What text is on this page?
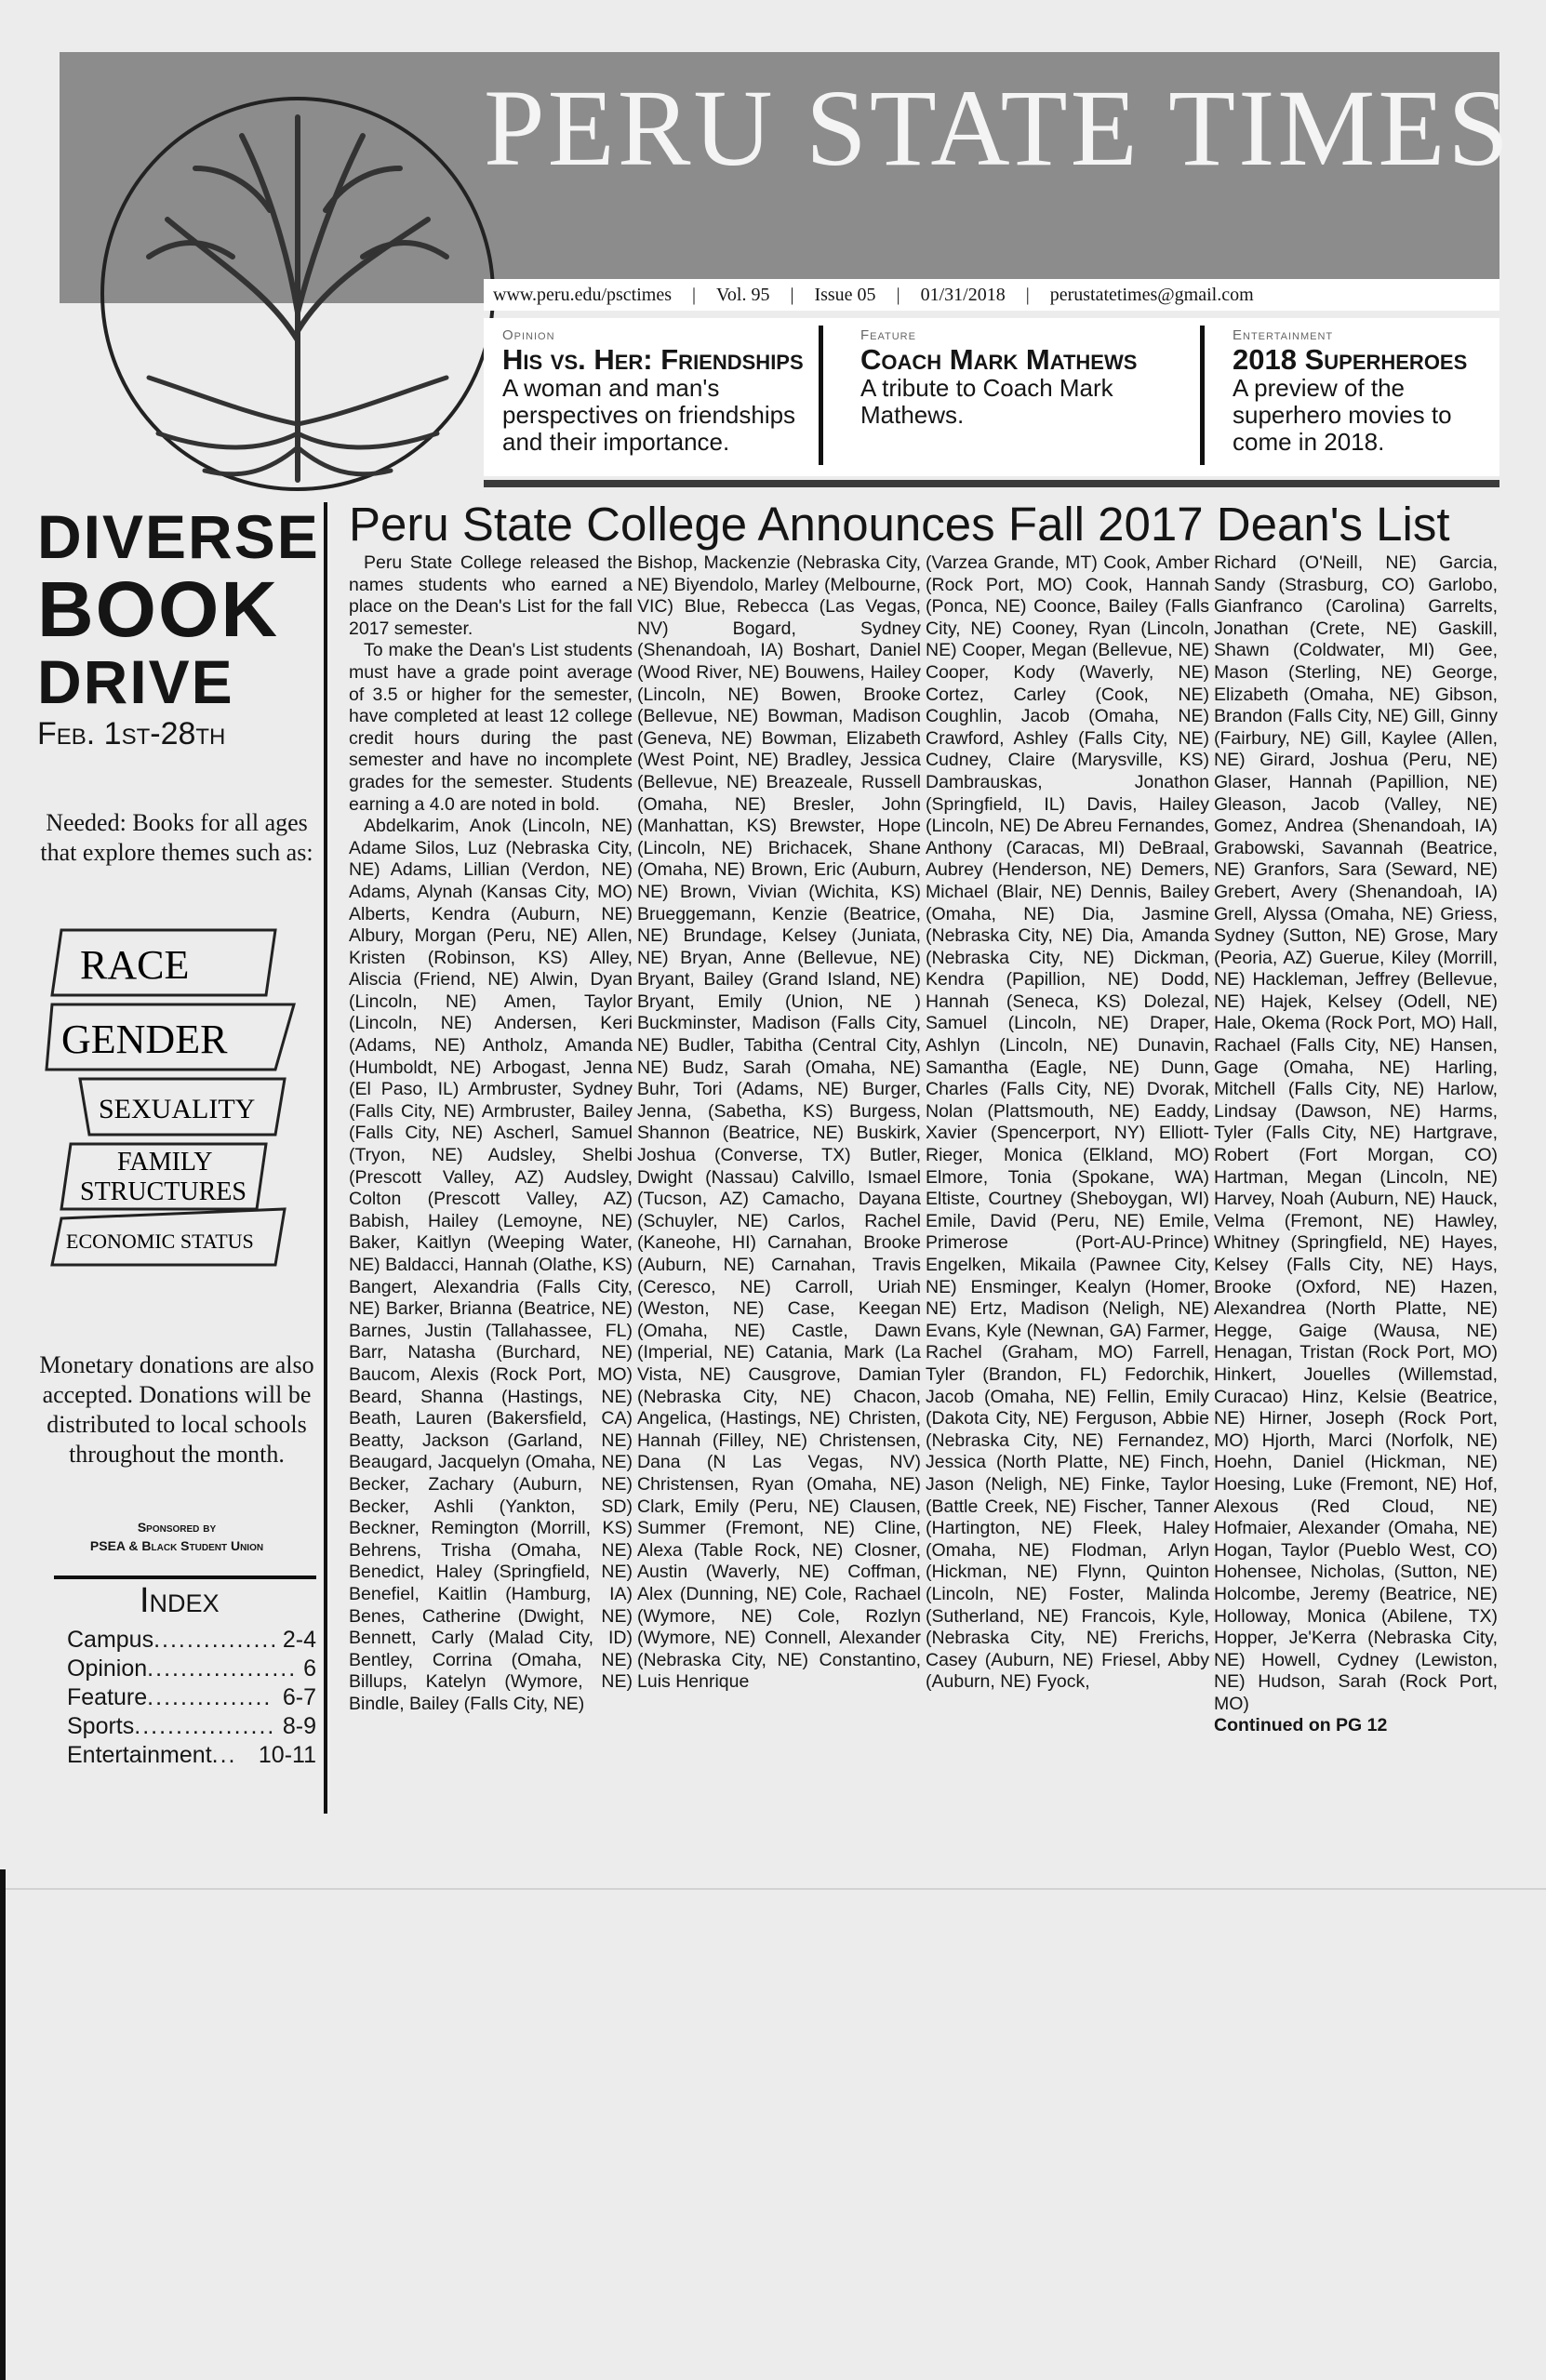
PERU STATE TIMES
www.peru.edu/psctimes | Vol. 95 | Issue 05 | 01/31/2018 | perustatetimes@gmail.com
Opinion
His vs. Her: Friendships
A woman and man's perspectives on friendships and their importance.
Feature
Coach Mark Mathews
A tribute to Coach Mark Mathews.
Entertainment
2018 Superheroes
A preview of the superhero movies to come in 2018.
DIVERSE
BOOK
DRIVE
Feb. 1st-28th
Needed: Books for all ages that explore themes such as:
RACE
GENDER
SEXUALITY
FAMILY
STRUCTURES
ECONOMIC STATUS
Monetary donations are also accepted. Donations will be distributed to local schools throughout the month.
Sponsored by
PSEA & Black Student Union
Index
Campus ............... 2-4
Opinion .................. 6
Feature ............... 6-7
Sports ................. 8-9
Entertainment ... 10-11
Peru State College Announces Fall 2017 Dean's List

Peru State College released the names students who earned a place on the Dean's List for the fall 2017 semester.

To make the Dean's List students must have a grade point average of 3.5 or higher for the semester, have completed at least 12 college credit hours during the past semester and have no incomplete grades for the semester. Students earning a 4.0 are noted in bold.

Abdelkarim, Anok (Lincoln, NE) Adame Silos, Luz (Nebraska City, NE) Adams, Lillian (Verdon, NE) Adams, Alynah (Kansas City, MO) Alberts, Kendra (Auburn, NE) Albury, Morgan (Peru, NE) Allen, Kristen (Robinson, KS) Alley, Aliscia (Friend, NE) Alwin, Dyan (Lincoln, NE) Amen, Taylor (Lincoln, NE) Andersen, Keri (Adams, NE) Antholz, Amanda (Humboldt, NE) Arbogast, Jenna (El Paso, IL) Armbruster, Sydney (Falls City, NE) Armbruster, Bailey (Falls City, NE) Ascherl, Samuel (Tryon, NE) Audsley, Shelbi (Prescott Valley, AZ) Audsley, Colton (Prescott Valley, AZ) Babish, Hailey (Lemoyne, NE) Baker, Kaitlyn (Weeping Water, NE) Baldacci, Hannah (Olathe, KS) Bangert, Alexandria (Falls City, NE) Barker, Brianna (Beatrice, NE) Barnes, Justin (Tallahassee, FL) Barr, Natasha (Burchard, NE) Baucom, Alexis (Rock Port, MO) Beard, Shanna (Hastings, NE) Beath, Lauren (Bakersfield, CA) Beatty, Jackson (Garland, NE) Beaugard, Jacquelyn (Omaha, NE) Becker, Zachary (Auburn, NE) Becker, Ashli (Yankton, SD) Beckner, Remington (Morrill, KS) Behrens, Trisha (Omaha, NE) Benedict, Haley (Springfield, NE) Benefiel, Kaitlin (Hamburg, IA) Benes, Catherine (Dwight, NE) Bennett, Carly (Malad City, ID) Bentley, Corrina (Omaha, NE) Billups, Katelyn (Wymore, NE) Bindle, Bailey (Falls City, NE)

Bishop, Mackenzie (Nebraska City, NE) Biyendolo, Marley (Melbourne, VIC) Blue, Rebecca (Las Vegas, NV) Bogard, Sydney (Shenandoah, IA) Boshart, Daniel (Wood River, NE) Bouwens, Hailey (Lincoln, NE) Bowen, Brooke (Bellevue, NE) Bowman, Madison (Geneva, NE) Bowman, Elizabeth (West Point, NE) Bradley, Jessica (Bellevue, NE) Breazeale, Russell (Omaha, NE) Bresler, John (Manhattan, KS) Brewster, Hope (Lincoln, NE) Brichacek, Shane (Omaha, NE) Brown, Eric (Auburn, NE) Brown, Vivian (Wichita, KS) Brueggemann, Kenzie (Beatrice, NE) Brundage, Kelsey (Juniata, NE) Bryan, Anne (Bellevue, NE) Bryant, Bailey (Grand Island, NE) Bryant, Emily (Union, NE ) Buckminster, Madison (Falls City, NE) Budler, Tabitha (Central City, NE) Budz, Sarah (Omaha, NE) Buhr, Tori (Adams, NE) Burger, Jenna, (Sabetha, KS) Burgess, Shannon (Beatrice, NE) Buskirk, Joshua (Converse, TX) Butler, Dwight (Nassau) Calvillo, Ismael (Tucson, AZ) Camacho, Dayana (Schuyler, NE) Carlos, Rachel (Kaneohe, HI) Carnahan, Brooke (Auburn, NE) Carnahan, Travis (Ceresco, NE) Carroll, Uriah (Weston, NE) Case, Keegan (Omaha, NE) Castle, Dawn (Imperial, NE) Catania, Mark (La Vista, NE) Causgrove, Damian (Nebraska City, NE) Chacon, Angelica, (Hastings, NE) Christen, Hannah (Filley, NE) Christensen, Dana (N Las Vegas, NV) Christensen, Ryan (Omaha, NE) Clark, Emily (Peru, NE) Clausen, Summer (Fremont, NE) Cline, Alexa (Table Rock, NE) Closner, Austin (Waverly, NE) Coffman, Alex (Dunning, NE) Cole, Rachael (Wymore, NE) Cole, Rozlyn (Wymore, NE) Connell, Alexander (Nebraska City, NE) Constantino, Luis Henrique

(Varzea Grande, MT) Cook, Amber (Rock Port, MO) Cook, Hannah (Ponca, NE) Coonce, Bailey (Falls City, NE) Cooney, Ryan (Lincoln, NE) Cooper, Megan (Bellevue, NE) Cooper, Kody (Waverly, NE) Cortez, Carley (Cook, NE) Coughlin, Jacob (Omaha, NE) Crawford, Ashley (Falls City, NE) Cudney, Claire (Marysville, KS) Dambrauskas, Jonathon (Springfield, IL) Davis, Hailey (Lincoln, NE) De Abreu Fernandes, Anthony (Caracas, MI) DeBraal, Aubrey (Henderson, NE) Demers, Michael (Blair, NE) Dennis, Bailey (Omaha, NE) Dia, Jasmine (Nebraska City, NE) Dia, Amanda (Nebraska City, NE) Dickman, Kendra (Papillion, NE) Dodd, Hannah (Seneca, KS) Dolezal, Samuel (Lincoln, NE) Draper, Ashlyn (Lincoln, NE) Dunavin, Samantha (Eagle, NE) Dunn, Charles (Falls City, NE) Dvorak, Nolan (Plattsmouth, NE) Eaddy, Xavier (Spencerport, NY) Elliott-Rieger, Monica (Elkland, MO) Elmore, Tonia (Spokane, WA) Eltiste, Courtney (Sheboygan, WI) Emile, David (Peru, NE) Emile, Primerose (Port-AU-Prince) Engelken, Mikaila (Pawnee City, NE) Ensminger, Kealyn (Homer, NE) Ertz, Madison (Neligh, NE) Evans, Kyle (Newnan, GA) Farmer, Rachel (Graham, MO) Farrell, Tyler (Brandon, FL) Fedorchik, Jacob (Omaha, NE) Fellin, Emily (Dakota City, NE) Ferguson, Abbie (Nebraska City, NE) Fernandez, Jessica (North Platte, NE) Finch, Jason (Neligh, NE) Finke, Taylor (Battle Creek, NE) Fischer, Tanner (Hartington, NE) Fleek, Haley (Omaha, NE) Flodman, Arlyn (Hickman, NE) Flynn, Quinton (Lincoln, NE) Foster, Malinda (Sutherland, NE) Francois, Kyle, (Nebraska City, NE) Frerichs, Casey (Auburn, NE) Friesel, Abby (Auburn, NE) Fyock,

Richard (O'Neill, NE) Garcia, Sandy (Strasburg, CO) Garlobo, Gianfranco (Carolina) Garrelts, Jonathan (Crete, NE) Gaskill, Shawn (Coldwater, MI) Gee, Mason (Sterling, NE) George, Elizabeth (Omaha, NE) Gibson, Brandon (Falls City, NE) Gill, Ginny (Fairbury, NE) Gill, Kaylee (Allen, NE) Girard, Joshua (Peru, NE) Glaser, Hannah (Papillion, NE) Gleason, Jacob (Valley, NE) Gomez, Andrea (Shenandoah, IA) Grabowski, Savannah (Beatrice, NE) Granfors, Sara (Seward, NE) Grebert, Avery (Shenandoah, IA) Grell, Alyssa (Omaha, NE) Griess, Sydney (Sutton, NE) Grose, Mary (Peoria, AZ) Guerue, Kiley (Morrill, NE) Hackleman, Jeffrey (Bellevue, NE) Hajek, Kelsey (Odell, NE) Hale, Okema (Rock Port, MO) Hall, Rachael (Falls City, NE) Hansen, Gage (Omaha, NE) Harling, Mitchell (Falls City, NE) Harlow, Lindsay (Dawson, NE) Harms, Tyler (Falls City, NE) Hartgrave, Robert (Fort Morgan, CO) Hartman, Megan (Lincoln, NE) Harvey, Noah (Auburn, NE) Hauck, Velma (Fremont, NE) Hawley, Whitney (Springfield, NE) Hayes, Kelsey (Falls City, NE) Hays, Brooke (Oxford, NE) Hazen, Alexandrea (North Platte, NE) Hegge, Gaige (Wausa, NE) Henagan, Tristan (Rock Port, MO) Hinkert, Jouelles (Willemstad, Curacao) Hinz, Kelsie (Beatrice, NE) Hirner, Joseph (Rock Port, MO) Hjorth, Marci (Norfolk, NE) Hoehn, Daniel (Hickman, NE) Hoesing, Luke (Fremont, NE) Hof, Alexous (Red Cloud, NE) Hofmaier, Alexander (Omaha, NE) Hogan, Taylor (Pueblo West, CO) Hohensee, Nicholas, (Sutton, NE) Holcombe, Jeremy (Beatrice, NE) Holloway, Monica (Abilene, TX) Hopper, Je'Kerra (Nebraska City, NE) Howell, Cydney (Lewiston, NE) Hudson, Sarah (Rock Port, MO)

Continued on PG 12
